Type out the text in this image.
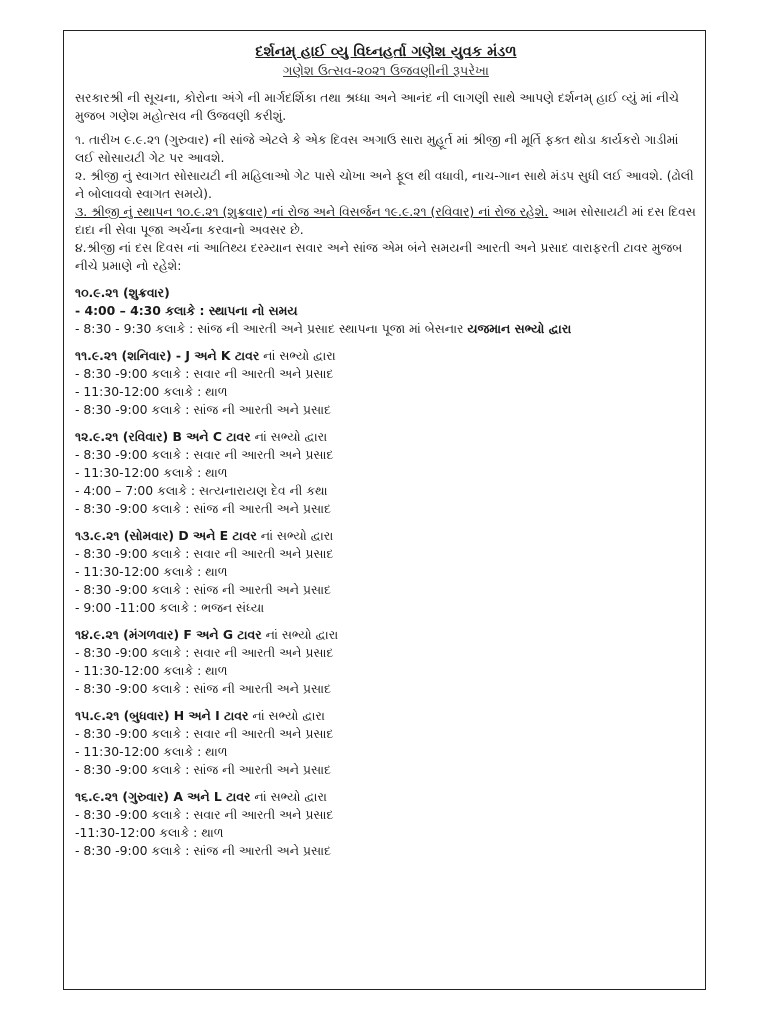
દર્શનમ્ હાઈ વ્યુ વિઘ્નહર્તા ગણેશ યુવક મંડળ

ગણેશ ઉત્સવ-૨૦૨૧ ઉજવણીની રૂપરેખા

સરકારશ્રી ની સૂચના, કોરોના અંગે ની માર્ગદર્શિકા તથા શ્રધ્ધા અને આનંદ ની લાગણી સાથે આપણે દર્શનમ્ હાઈ વ્યું માં નીચે મુજબ ગણેશ મહોત્સવ ની ઉજવણી કરીશું.

૧. તારીખ ૯.૯.૨૧ (ગુરુવાર) ની સાંજે એટલે કે એક દિવસ અગાઉ સારા મુહૂર્ત માં શ્રીજી ની મૂર્તિ ફક્ત થોડા કાર્યકરો ગાડીમાં લઈ સોસાયટી ગેટ પર આવશે.

૨. શ્રીજી નું સ્વાગત સોસાયટી ની મહિલાઓ ગેટ પાસે ચોખા અને ફૂલ થી વધાવી, નાચ-ગાન સાથે મંડપ સુધી લઈ આવશે. (ઢોલી ને બોલાવવો સ્વાગત સમયે).

૩. શ્રીજી નું સ્થાપન ૧૦.૯.૨૧ (શુક્રવાર) નાં રોજ અને વિસર્જન ૧૯.૯.૨૧ (રવિવાર) નાં રોજ રહેશે. આમ સોસાયટી માં દસ દિવસ દાદા ની સેવા પૂજા અર્ચના કરવાનો અવસર છે.

૪.શ્રીજી નાં દસ દિવસ નાં આતિથ્ય દરમ્યાન સવાર અને સાંજ એમ બંને સમયની આરતી અને પ્રસાદ વારાફરતી ટાવર મુજબ નીચે પ્રમાણે નો રહેશે:

૧૦.૯.૨૧ (શુક્રવાર)

- 4:00 – 4:30 કલાકે : સ્થાપના નો સમય

- 8:30 - 9:30 કલાકે : સાંજ ની આરતી અને પ્રસાદ સ્થાપના પૂજા માં બેસનાર યજમાન સભ્યો દ્વારા

૧૧.૯.૨૧ (શનિવાર) - J અને K ટાવર નાં સભ્યો દ્વારા

- 8:30 -9:00 કલાકે : સવાર ની આરતી અને પ્રસાદ

- 11:30-12:00 કલાકે : થાળ

- 8:30 -9:00 કલાકે : સાંજ ની આરતી અને પ્રસાદ

૧૨.૯.૨૧ (રવિવાર) B અને C ટાવર નાં સભ્યો દ્વારા

- 8:30 -9:00 કલાકે : સવાર ની આરતી અને પ્રસાદ

- 11:30-12:00 કલાકે : થાળ

- 4:00 – 7:00 કલાકે : સત્યનારાયણ દેવ ની કથા

- 8:30 -9:00 કલાકે : સાંજ ની આરતી અને પ્રસાદ

૧૩.૯.૨૧ (સોમવાર) D અને E ટાવર નાં સભ્યો દ્વારા

- 8:30 -9:00 કલાકે : સવાર ની આરતી અને પ્રસાદ

- 11:30-12:00 કલાકે : થાળ

- 8:30 -9:00 કલાકે : સાંજ ની આરતી અને પ્રસાદ

- 9:00 -11:00 કલાકે : ભજન સંધ્યા

૧૪.૯.૨૧ (મંગળવાર) F અને G ટાવર નાં સભ્યો દ્વારા

- 8:30 -9:00 કલાકે : સવાર ની આરતી અને પ્રસાદ

- 11:30-12:00 કલાકે : થાળ

- 8:30 -9:00 કલાકે : સાંજ ની આરતી અને પ્રસાદ

૧૫.૯.૨૧ (બુધવાર) H અને I ટાવર નાં સભ્યો દ્વારા

- 8:30 -9:00 કલાકે : સવાર ની આરતી અને પ્રસાદ

- 11:30-12:00 કલાકે : થાળ

- 8:30 -9:00 કલાકે : સાંજ ની આરતી અને પ્રસાદ

૧૬.૯.૨૧ (ગુરુવાર) A અને L ટાવર નાં સભ્યો દ્વારા

- 8:30 -9:00 કલાકે : સવાર ની આરતી અને પ્રસાદ

-11:30-12:00 કલાકે : થાળ

- 8:30 -9:00 કલાકે : સાંજ ની આરતી અને પ્રસાદ
